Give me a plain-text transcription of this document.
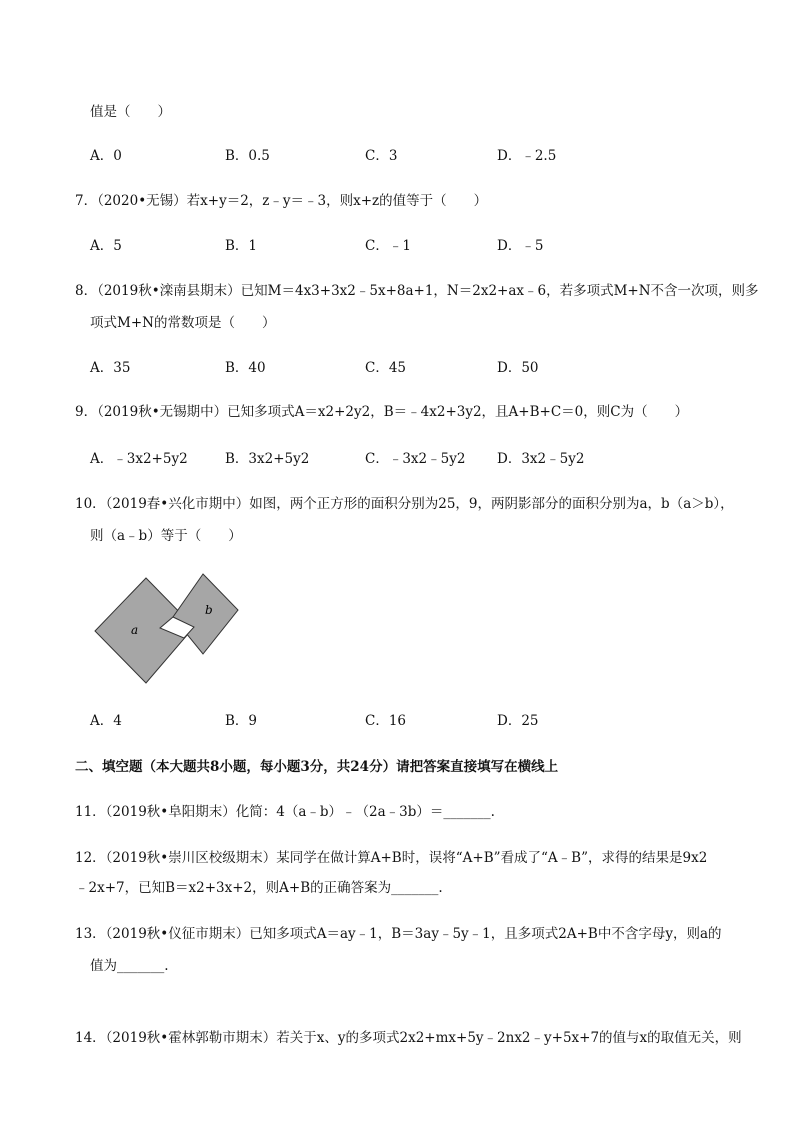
值是（　　）
A．0	B．0.5	C．3	D．﹣2.5
7．（2020•无锡）若x+y＝2，z﹣y＝﹣3，则x+z的值等于（　　）
A．5	B．1	C．﹣1	D．﹣5
8．（2019秋•滦南县期末）已知M＝4x3+3x2﹣5x+8a+1，N＝2x2+ax﹣6，若多项式M+N不含一次项，则多
项式M+N的常数项是（　　）
A．35	B．40	C．45	D．50
9．（2019秋•无锡期中）已知多项式A＝x2+2y2，B＝﹣4x2+3y2，且A+B+C＝0，则C为（　　）
A．﹣3x2+5y2	B．3x2+5y2	C．﹣3x2﹣5y2 D．3x2﹣5y2
10．（2019春•兴化市期中）如图，两个正方形的面积分别为25，9，两阴影部分的面积分别为a，b（a＞b），
则（a﹣b）等于（　　）
a
b
A．4	B．9	C．16	D．25
二、填空题（本大题共8小题，每小题3分，共24分）请把答案直接填写在横线上
11．（2019秋•阜阳期末）化简：4（a﹣b）﹣（2a﹣3b）＝_______.
12．（2019秋•崇川区校级期末）某同学在做计算A+B时，误将“A+B”看成了“A﹣B”，求得的结果是9x2
﹣2x+7，已知B＝x2+3x+2，则A+B的正确答案为_______.
13．（2019秋•仪征市期末）已知多项式A＝ay﹣1，B＝3ay﹣5y﹣1，且多项式2A+B中不含字母y，则a的
值为_______.
14．（2019秋•霍林郭勒市期末）若关于x、y的多项式2x2+mx+5y﹣2nx2﹣y+5x+7的值与x的取值无关，则
